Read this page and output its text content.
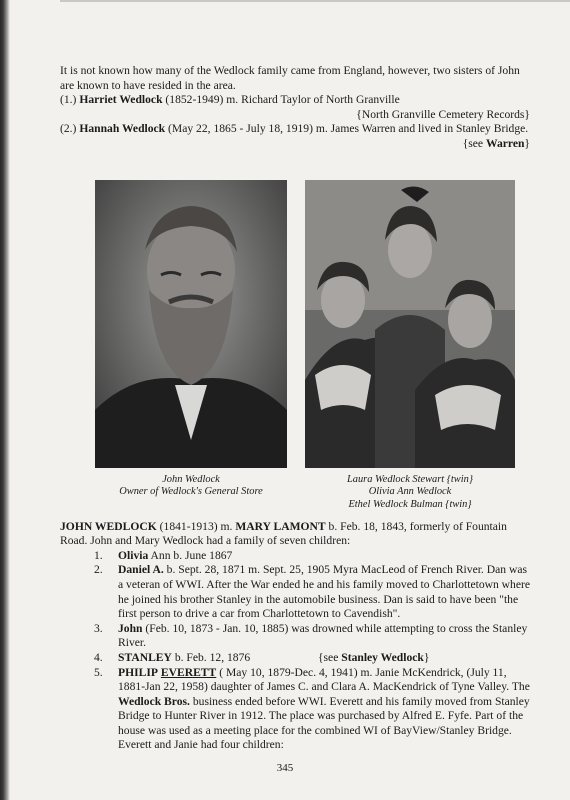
It is not known how many of the Wedlock family came from England, however, two sisters of John are known to have resided in the area.

(1.) Harriet Wedlock (1852-1949) m. Richard Taylor of North Granville

{North Granville Cemetery Records}

(2.) Hannah Wedlock (May 22, 1865 - July 18, 1919) m. James Warren and lived in Stanley Bridge.

{see Warren}

John Wedlock
Owner of Wedlock's General Store
Laura Wedlock Stewart {twin}
Olivia Ann Wedlock
Ethel Wedlock Bulman {twin}

JOHN WEDLOCK (1841-1913) m. MARY LAMONT b. Feb. 18, 1843, formerly of Fountain Road. John and Mary Wedlock had a family of seven children:

1. Olivia Ann b. June 1867
2. Daniel A. b. Sept. 28, 1871 m. Sept. 25, 1905 Myra MacLeod of French River. Dan was a veteran of WWI. After the War ended he and his family moved to Charlottetown where he joined his brother Stanley in the automobile business. Dan is said to have been "the first person to drive a car from Charlottetown to Cavendish".
3. John (Feb. 10, 1873 - Jan. 10, 1885) was drowned while attempting to cross the Stanley River.
4. STANLEY b. Feb. 12, 1876	{see Stanley Wedlock}
5. PHILIP EVERETT ( May 10, 1879-Dec. 4, 1941) m. Janie McKendrick, (July 11, 1881-Jan 22, 1958) daughter of James C. and Clara A. MacKendrick of Tyne Valley. The Wedlock Bros. business ended before WWI. Everett and his family moved from Stanley Bridge to Hunter River in 1912. The place was purchased by Alfred E. Fyfe. Part of the house was used as a meeting place for the combined WI of BayView/Stanley Bridge. Everett and Janie had four children:
345
